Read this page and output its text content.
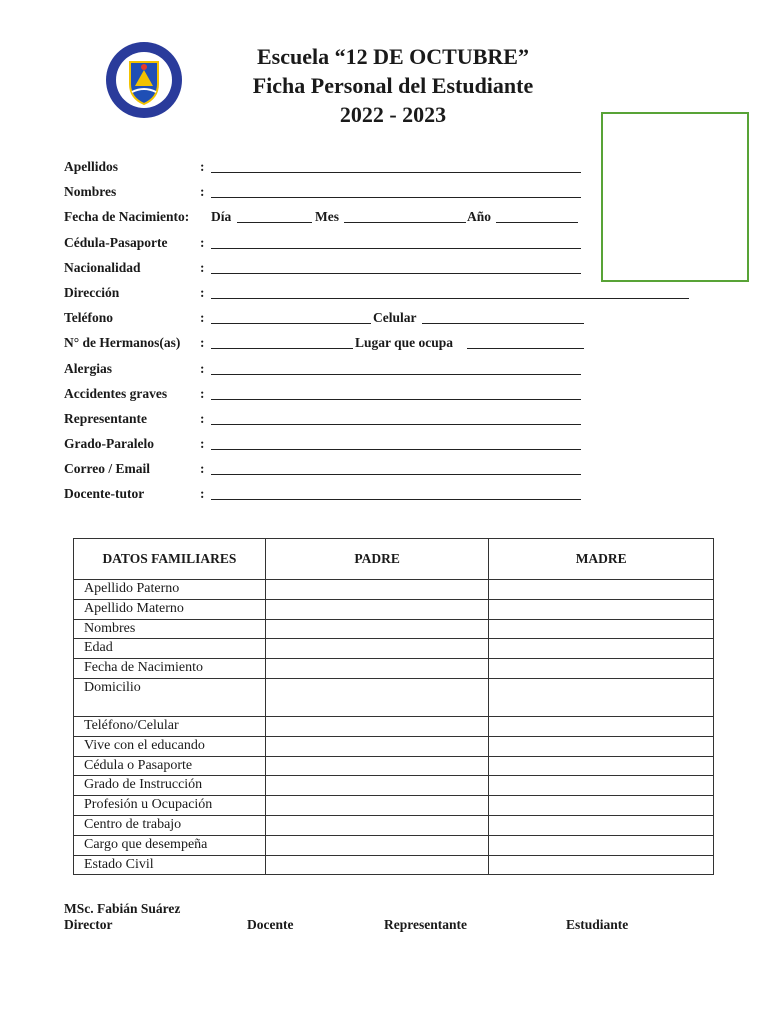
Escuela “12 DE OCTUBRE”
Ficha Personal del Estudiante
2022 - 2023
Apellidos	:
Nombres	:
Fecha de Nacimiento: Día	Mes	Año
Cédula-Pasaporte :
Nacionalidad	:
Dirección	:
Teléfono	:	Celular
N° de Hermanos(as) :	Lugar que ocupa
Alergias	:
Accidentes graves :
Representante	:
Grado-Paralelo	:
Correo / Email	:
Docente-tutor	:
DATOS FAMILIARES	PADRE	MADRE
Apellido Paterno		
Apellido Materno		
Nombres		
Edad		
Fecha de Nacimiento		
Domicilio		
Teléfono/Celular		
Vive con el educando		
Cédula o Pasaporte		
Grado de Instrucción		
Profesión u Ocupación		
Centro de trabajo		
Cargo que desempeña		
Estado Civil		
MSc. Fabián Suárez
Director	Docente	Representante	Estudiante
